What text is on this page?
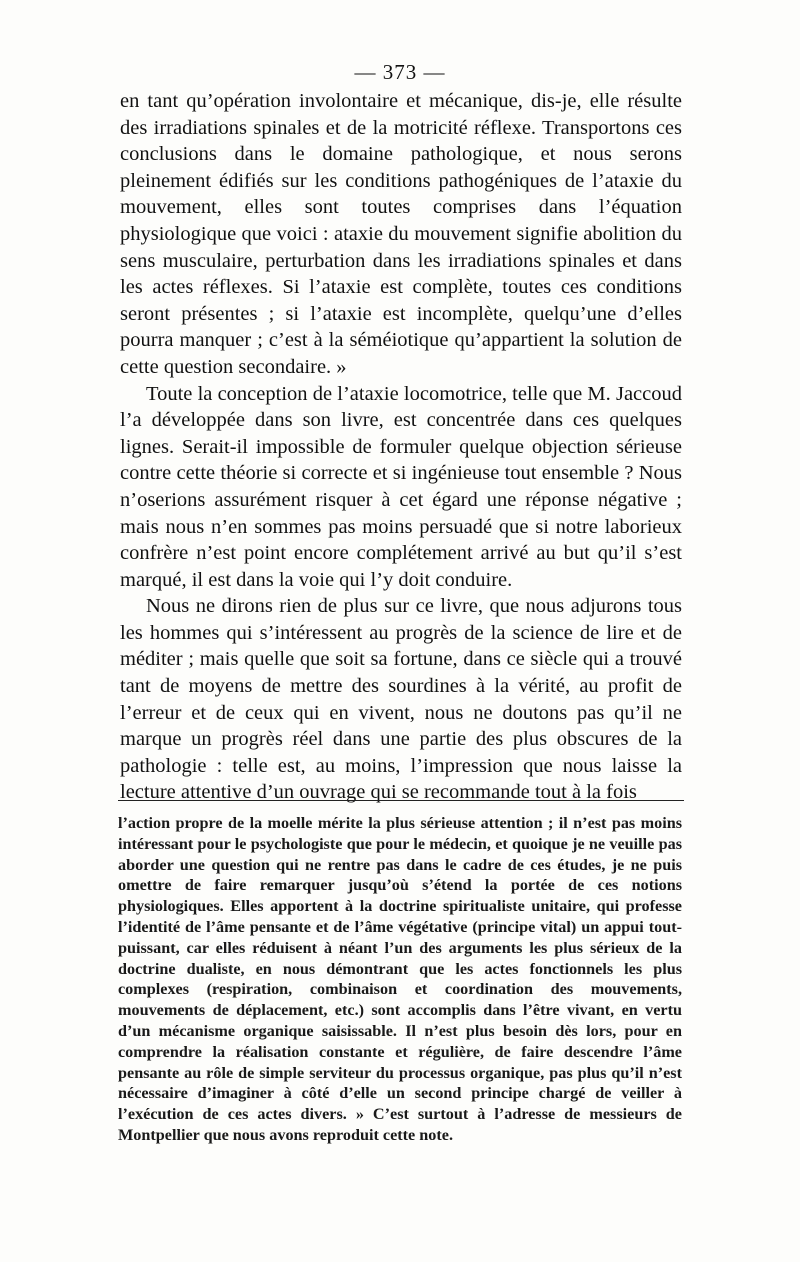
— 373 —

en tant qu’opération involontaire et mécanique, dis-je, elle résulte des irradiations spinales et de la motricité réflexe. Transportons ces conclusions dans le domaine pathologique, et nous serons pleinement édifiés sur les conditions pathogéniques de l’ataxie du mouvement, elles sont toutes comprises dans l’équation physiologique que voici : ataxie du mouvement signifie abolition du sens musculaire, perturbation dans les irradiations spinales et dans les actes réflexes. Si l’ataxie est complète, toutes ces conditions seront présentes ; si l’ataxie est incomplète, quelqu’une d’elles pourra manquer ; c’est à la séméiotique qu’appartient la solution de cette question secondaire. »

Toute la conception de l’ataxie locomotrice, telle que M. Jaccoud l’a développée dans son livre, est concentrée dans ces quelques lignes. Serait-il impossible de formuler quelque objection sérieuse contre cette théorie si correcte et si ingénieuse tout ensemble ? Nous n’oserions assurément risquer à cet égard une réponse négative ; mais nous n’en sommes pas moins persuadé que si notre laborieux confrère n’est point encore complétement arrivé au but qu’il s’est marqué, il est dans la voie qui l’y doit conduire.

Nous ne dirons rien de plus sur ce livre, que nous adjurons tous les hommes qui s’intéressent au progrès de la science de lire et de méditer ; mais quelle que soit sa fortune, dans ce siècle qui a trouvé tant de moyens de mettre des sourdines à la vérité, au profit de l’erreur et de ceux qui en vivent, nous ne doutons pas qu’il ne marque un progrès réel dans une partie des plus obscures de la pathologie : telle est, au moins, l’impression que nous laisse la lecture attentive d’un ouvrage qui se recommande tout à la fois

l’action propre de la moelle mérite la plus sérieuse attention ; il n’est pas moins intéressant pour le psychologiste que pour le médecin, et quoique je ne veuille pas aborder une question qui ne rentre pas dans le cadre de ces études, je ne puis omettre de faire remarquer jusqu’où s’étend la portée de ces notions physiologiques. Elles apportent à la doctrine spiritualiste unitaire, qui professe l’identité de l’âme pensante et de l’âme végétative (principe vital) un appui tout-puissant, car elles réduisent à néant l’un des arguments les plus sérieux de la doctrine dualiste, en nous démontrant que les actes fonctionnels les plus complexes (respiration, combinaison et coordination des mouvements, mouvements de déplacement, etc.) sont accomplis dans l’être vivant, en vertu d’un mécanisme organique saisissable. Il n’est plus besoin dès lors, pour en comprendre la réalisation constante et régulière, de faire descendre l’âme pensante au rôle de simple serviteur du processus organique, pas plus qu’il n’est nécessaire d’imaginer à côté d’elle un second principe chargé de veiller à l’exécution de ces actes divers. » C’est surtout à l’adresse de messieurs de Montpellier que nous avons reproduit cette note.
